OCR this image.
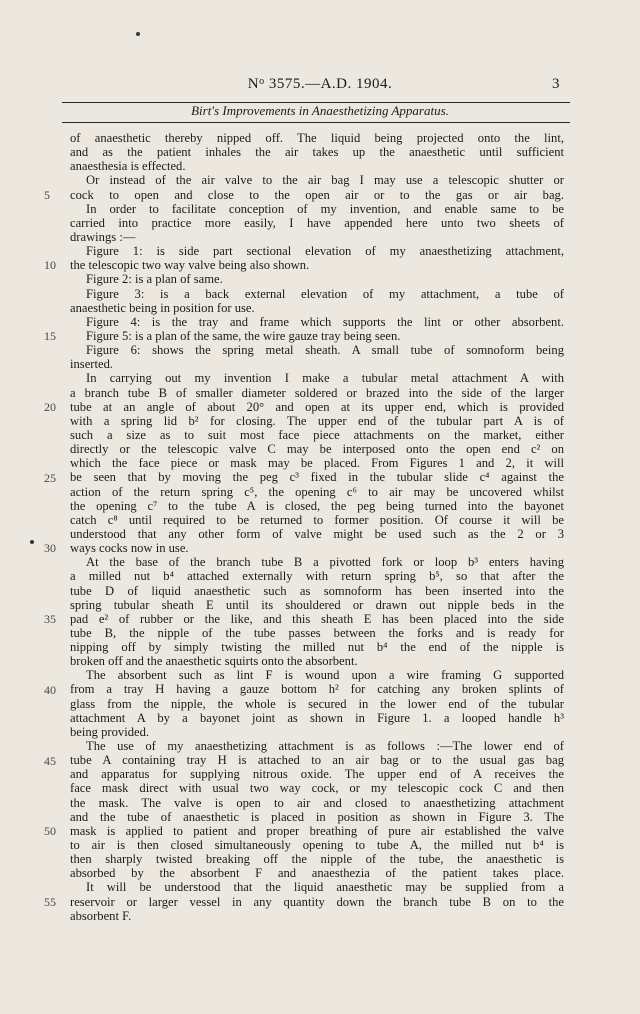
$N^o$ 3575.—A.D. 1904.	3
Birt's Improvements in Anaesthetizing Apparatus.
5
10
15
20
25
30
35
40
45
50
55
of anaesthetic thereby nipped off. The liquid being projected onto the lint,
and as the patient inhales the air takes up the anaesthetic until sufficient
anaesthesia is effected.
Or instead of the air valve to the air bag I may use a telescopic shutter or
cock to open and close to the open air or to the gas or air bag.
In order to facilitate conception of my invention, and enable same to be
carried into practice more easily, I have appended here unto two sheets of
drawings :—
Figure 1: is side part sectional elevation of my anaesthetizing attachment,
the telescopic two way valve being also shown.
Figure 2: is a plan of same.
Figure 3: is a back external elevation of my attachment, a tube of
anaesthetic being in position for use.
Figure 4: is the tray and frame which supports the lint or other absorbent.
Figure 5: is a plan of the same, the wire gauze tray being seen.
Figure 6: shows the spring metal sheath. A small tube of somnoform being
inserted.
In carrying out my invention I make a tubular metal attachment A with
a branch tube B of smaller diameter soldered or brazed into the side of the larger
tube at an angle of about 20° and open at its upper end, which is provided
with a spring lid b² for closing. The upper end of the tubular part A is of
such a size as to suit most face piece attachments on the market, either
directly or the telescopic valve C may be interposed onto the open end c² on
which the face piece or mask may be placed. From Figures 1 and 2, it will
be seen that by moving the peg c³ fixed in the tubular slide c⁴ against the
action of the return spring c⁵, the opening c⁶ to air may be uncovered whilst
the opening c⁷ to the tube A is closed, the peg being turned into the bayonet
catch c⁸ until required to be returned to former position. Of course it will be
understood that any other form of valve might be used such as the 2 or 3
ways cocks now in use.
At the base of the branch tube B a pivotted fork or loop b³ enters having
a milled nut b⁴ attached externally with return spring b⁵, so that after the
tube D of liquid anaesthetic such as somnoform has been inserted into the
spring tubular sheath E until its shouldered or drawn out nipple beds in the
pad e² of rubber or the like, and this sheath E has been placed into the side
tube B, the nipple of the tube passes between the forks and is ready for
nipping off by simply twisting the milled nut b⁴ the end of the nipple is
broken off and the anaesthetic squirts onto the absorbent.
The absorbent such as lint F is wound upon a wire framing G supported
from a tray H having a gauze bottom h² for catching any broken splints of
glass from the nipple, the whole is secured in the lower end of the tubular
attachment A by a bayonet joint as shown in Figure 1. a looped handle h³
being provided.
The use of my anaesthetizing attachment is as follows :—The lower end of
tube A containing tray H is attached to an air bag or to the usual gas bag
and apparatus for supplying nitrous oxide. The upper end of A receives the
face mask direct with usual two way cock, or my telescopic cock C and then
the mask. The valve is open to air and closed to anaesthetizing attachment
and the tube of anaesthetic is placed in position as shown in Figure 3. The
mask is applied to patient and proper breathing of pure air established the valve
to air is then closed simultaneously opening to tube A, the milled nut b⁴ is
then sharply twisted breaking off the nipple of the tube, the anaesthetic is
absorbed by the absorbent F and anaesthezia of the patient takes place.
It will be understood that the liquid anaesthetic may be supplied from a
reservoir or larger vessel in any quantity down the branch tube B on to the
absorbent F.
